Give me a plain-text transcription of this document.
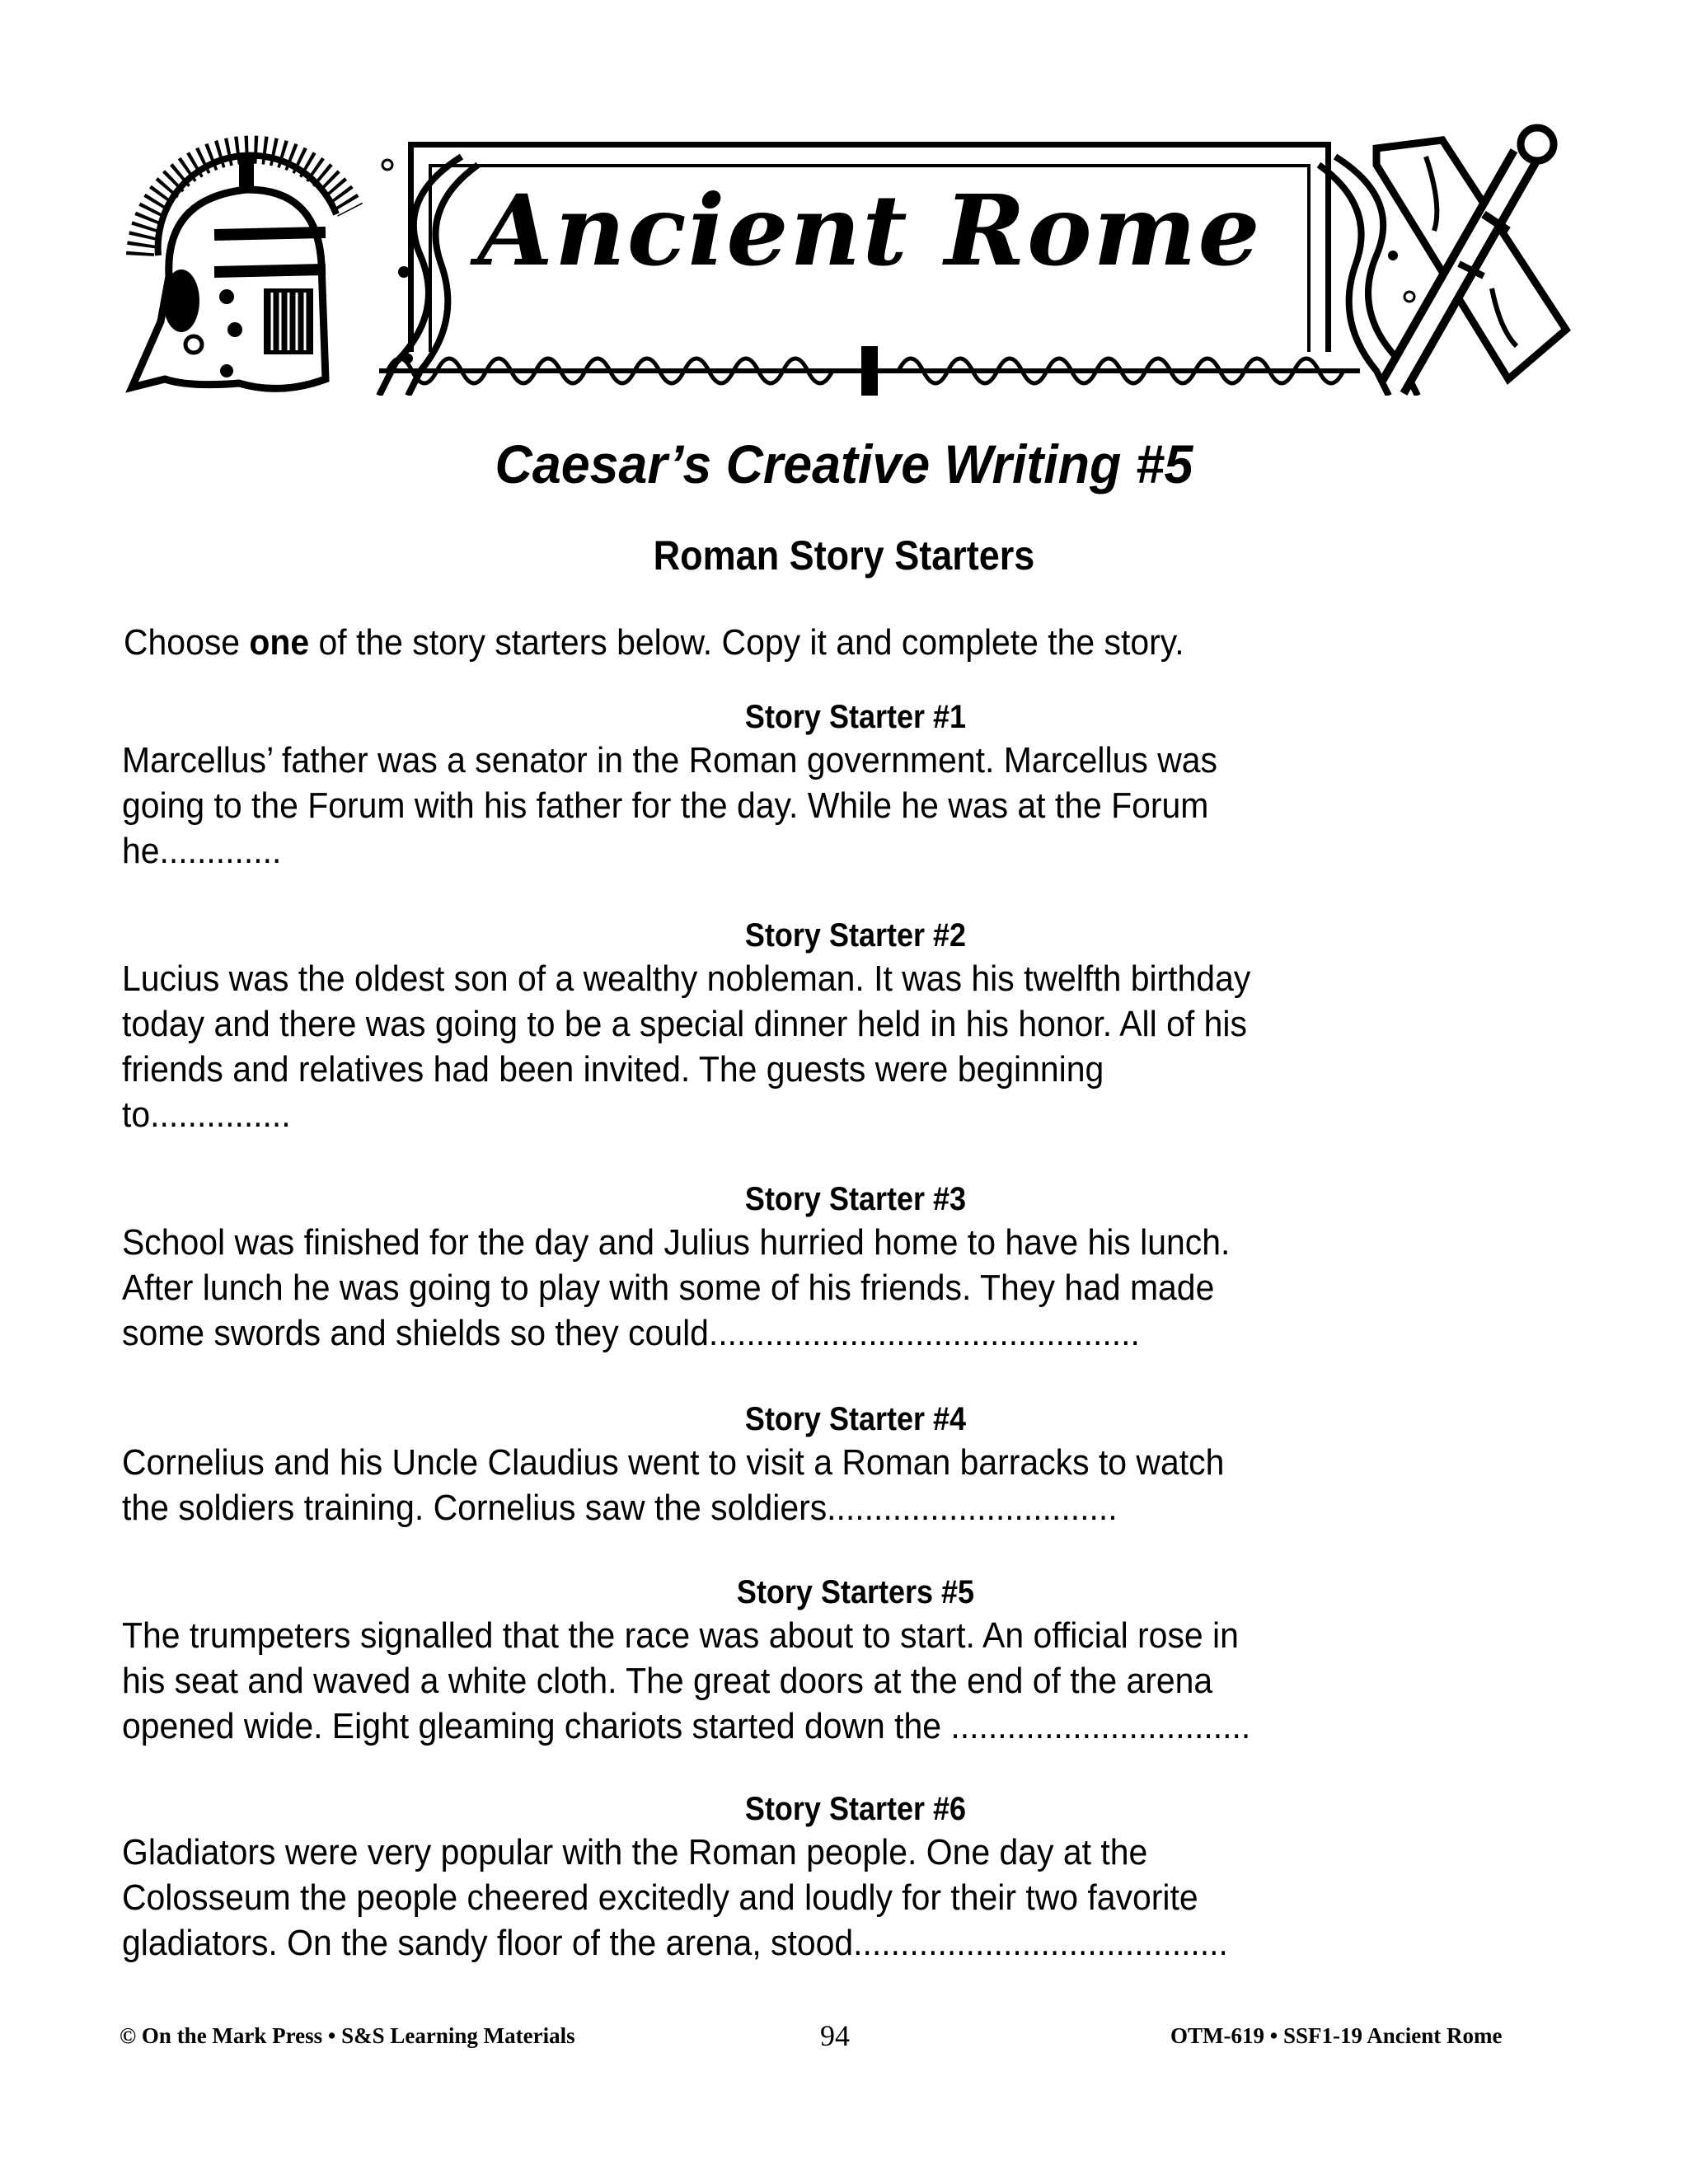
Ancient Rome
Caesar’s Creative Writing #5
Roman Story Starters
Choose one of the story starters below. Copy it and complete the story.
Story Starter #1
Marcellus’ father was a senator in the Roman government. Marcellus was
going to the Forum with his father for the day. While he was at the Forum
he.............
Story Starter #2
Lucius was the oldest son of a wealthy nobleman. It was his twelfth birthday
today and there was going to be a special dinner held in his honor. All of his
friends and relatives had been invited. The guests were beginning
to...............
Story Starter #3
School was finished for the day and Julius hurried home to have his lunch.
After lunch he was going to play with some of his friends. They had made
some swords and shields so they could..............................................
Story Starter #4
Cornelius and his Uncle Claudius went to visit a Roman barracks to watch
the soldiers training. Cornelius saw the soldiers...............................
Story Starters #5
The trumpeters signalled that the race was about to start. An official rose in
his seat and waved a white cloth. The great doors at the end of the arena
opened wide. Eight gleaming chariots started down the ................................
Story Starter #6
Gladiators were very popular with the Roman people. One day at the
Colosseum the people cheered excitedly and loudly for their two favorite
gladiators. On the sandy floor of the arena, stood........................................
© On the Mark Press • S&S Learning Materials	94	OTM-619 • SSF1-19 Ancient Rome
